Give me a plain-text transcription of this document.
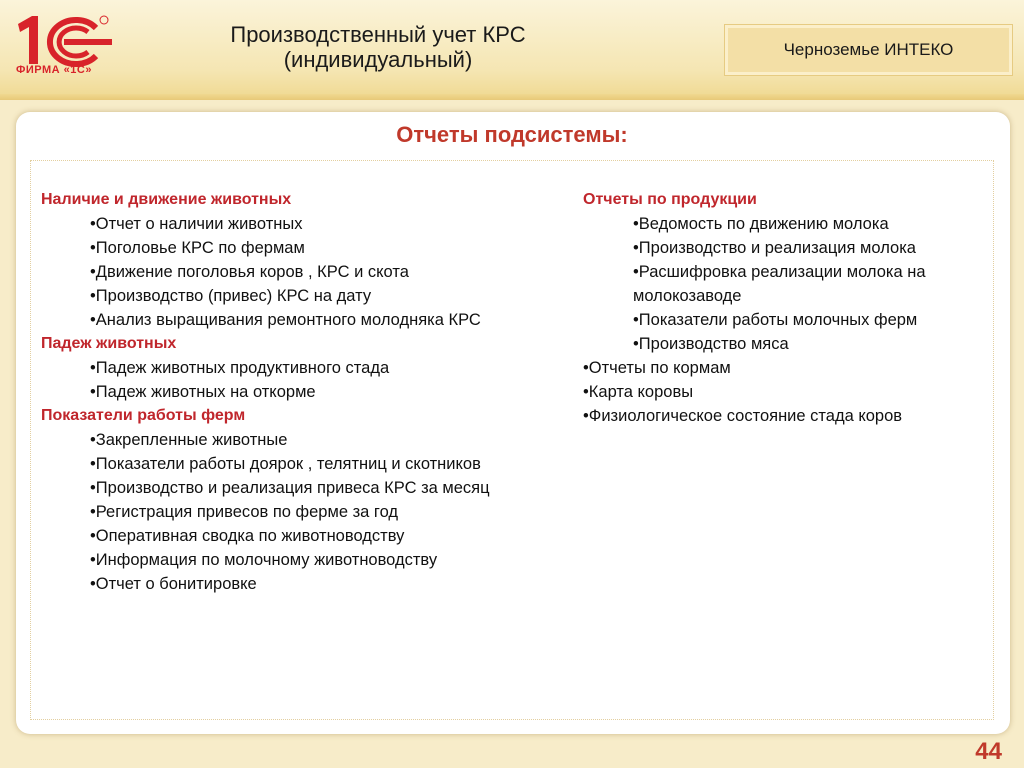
ФИРМА «1С»
Производственный учет КРС
(индивидуальный)	Черноземье ИНТЕКО
Отчеты подсистемы:
Наличие и движение животных
•Отчет о наличии животных
•Поголовье КРС по фермам
•Движение поголовья коров , КРС и скота
•Производство (привес) КРС на дату
•Анализ выращивания ремонтного молодняка КРС
Падеж животных
•Падеж животных продуктивного стада
•Падеж животных на откорме
Показатели работы ферм
•Закрепленные животные
•Показатели работы доярок , телятниц и скотников
•Производство и реализация привеса КРС за месяц
•Регистрация привесов по ферме за год
•Оперативная сводка по животноводству
•Информация по молочному животноводству
•Отчет о бонитировке
Отчеты по продукции
•Ведомость по движению молока
•Производство и реализация молока
•Расшифровка реализации молока на молокозаводе
•Показатели работы молочных ферм
•Производство мяса
•Отчеты по кормам
•Карта коровы
•Физиологическое состояние стада коров
44
